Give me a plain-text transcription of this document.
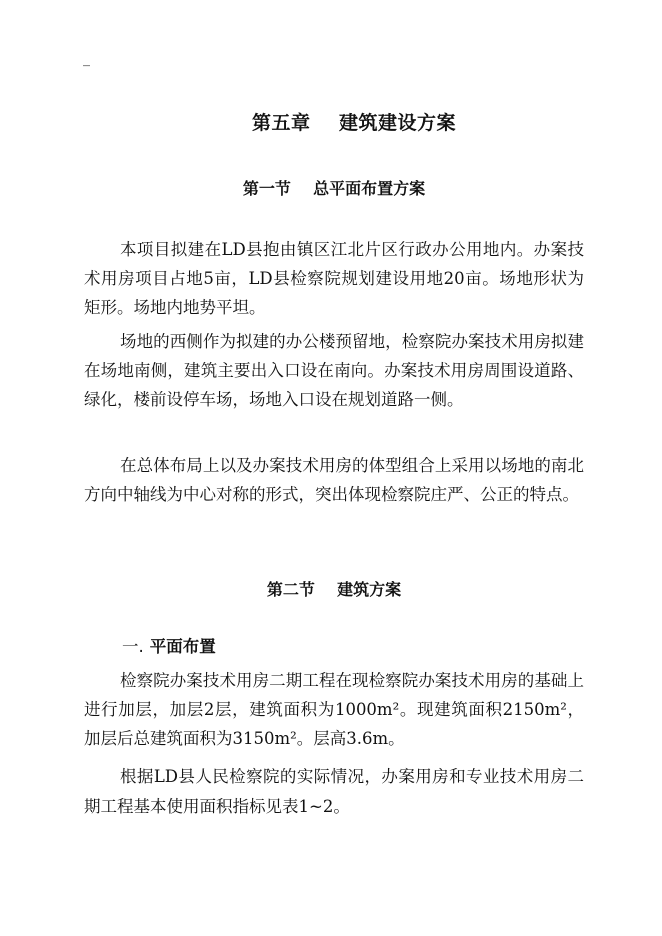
_
第五章    建筑建设方案
第一节    总平面布置方案

本项目拟建在LD县抱由镇区江北片区行政办公用地内。办案技术用房项目占地5亩，LD县检察院规划建设用地20亩。场地形状为矩形。场地内地势平坦。

场地的西侧作为拟建的办公楼预留地，检察院办案技术用房拟建在场地南侧，建筑主要出入口设在南向。办案技术用房周围设道路、绿化，楼前设停车场，场地入口设在规划道路一侧。

在总体布局上以及办案技术用房的体型组合上采用以场地的南北方向中轴线为中心对称的形式，突出体现检察院庄严、公正的特点。

第二节    建筑方案
一. 平面布置

检察院办案技术用房二期工程在现检察院办案技术用房的基础上进行加层，加层2层，建筑面积为1000m²。现建筑面积2150m²，加层后总建筑面积为3150m²。层高3.6m。

根据LD县人民检察院的实际情况，办案用房和专业技术用房二期工程基本使用面积指标见表1~2。
